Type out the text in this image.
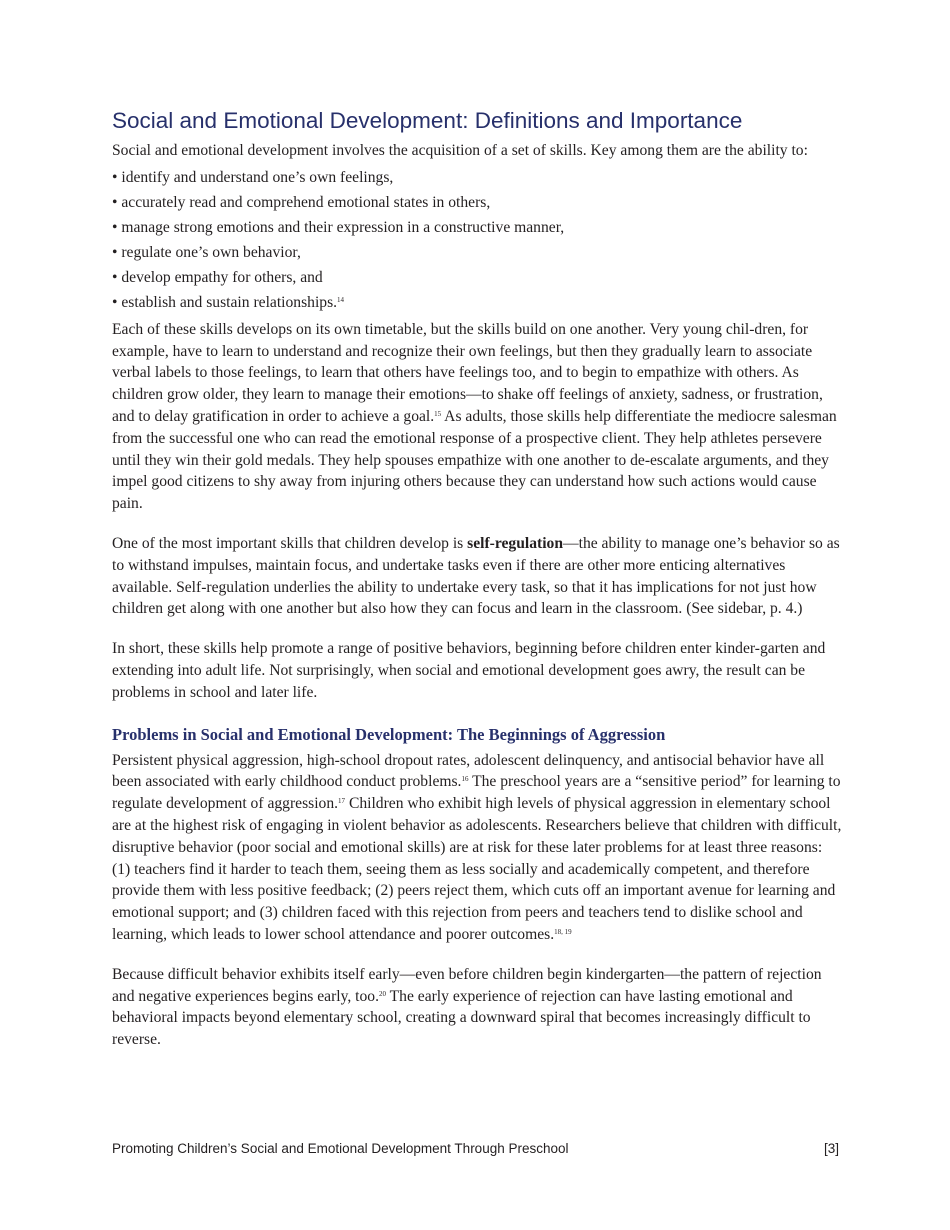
Social and Emotional Development: Definitions and Importance

Social and emotional development involves the acquisition of a set of skills. Key among them are the ability to:

• identify and understand one’s own feelings,
• accurately read and comprehend emotional states in others,
• manage strong emotions and their expression in a constructive manner,
• regulate one’s own behavior,
• develop empathy for others, and
• establish and sustain relationships.$^{14}$

Each of these skills develops on its own timetable, but the skills build on one another. Very young chil-dren, for example, have to learn to understand and recognize their own feelings, but then they gradually learn to associate verbal labels to those feelings, to learn that others have feelings too, and to begin to empathize with others. As children grow older, they learn to manage their emotions—to shake off feelings of anxiety, sadness, or frustration, and to delay gratification in order to achieve a goal.$^{15}$ As adults, those skills help differentiate the mediocre salesman from the successful one who can read the emotional response of a prospective client. They help athletes persevere until they win their gold medals. They help spouses empathize with one another to de-escalate arguments, and they impel good citizens to shy away from injuring others because they can understand how such actions would cause pain.

One of the most important skills that children develop is self-regulation—the ability to manage one’s behavior so as to withstand impulses, maintain focus, and undertake tasks even if there are other more enticing alternatives available. Self-regulation underlies the ability to undertake every task, so that it has implications for not just how children get along with one another but also how they can focus and learn in the classroom. (See sidebar, p. 4.)

In short, these skills help promote a range of positive behaviors, beginning before children enter kinder-garten and extending into adult life. Not surprisingly, when social and emotional development goes awry, the result can be problems in school and later life.

Problems in Social and Emotional Development: The Beginnings of Aggression

Persistent physical aggression, high-school dropout rates, adolescent delinquency, and antisocial behavior have all been associated with early childhood conduct problems.$^{16}$ The preschool years are a “sensitive period” for learning to regulate development of aggression.$^{17}$ Children who exhibit high levels of physical aggression in elementary school are at the highest risk of engaging in violent behavior as adolescents. Researchers believe that children with difficult, disruptive behavior (poor social and emotional skills) are at risk for these later problems for at least three reasons: (1) teachers find it harder to teach them, seeing them as less socially and academically competent, and therefore provide them with less positive feedback; (2) peers reject them, which cuts off an important avenue for learning and emotional support; and (3) children faced with this rejection from peers and teachers tend to dislike school and learning, which leads to lower school attendance and poorer outcomes.$^{18, 19}$

Because difficult behavior exhibits itself early—even before children begin kindergarten—the pattern of rejection and negative experiences begins early, too.$^{20}$ The early experience of rejection can have lasting emotional and behavioral impacts beyond elementary school, creating a downward spiral that becomes increasingly difficult to reverse.

Promoting Children’s Social and Emotional Development Through Preschool	[3]
